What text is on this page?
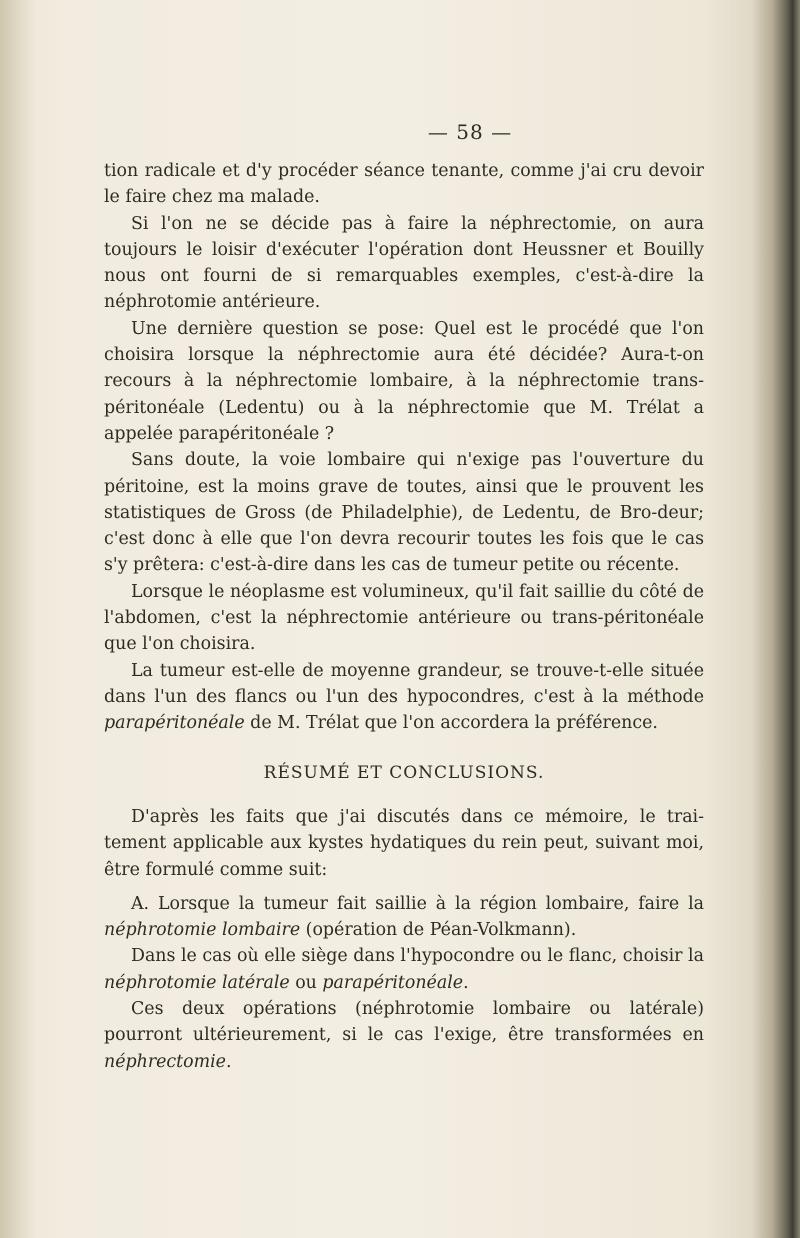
— 58 —

tion radicale et d'y procéder séance tenante, comme j'ai cru devoir le faire chez ma malade.

Si l'on ne se décide pas à faire la néphrectomie, on aura toujours le loisir d'exécuter l'opération dont Heussner et Bouilly nous ont fourni de si remarquables exemples, c'est-à-dire la néphrotomie antérieure.

Une dernière question se pose: Quel est le procédé que l'on choisira lorsque la néphrectomie aura été décidée? Aura-t-on recours à la néphrectomie lombaire, à la néphrectomie trans-péritonéale (Ledentu) ou à la néphrectomie que M. Trélat a appelée parapéritonéale ?

Sans doute, la voie lombaire qui n'exige pas l'ouverture du péritoine, est la moins grave de toutes, ainsi que le prouvent les statistiques de Gross (de Philadelphie), de Ledentu, de Bro-deur; c'est donc à elle que l'on devra recourir toutes les fois que le cas s'y prêtera: c'est-à-dire dans les cas de tumeur petite ou récente.

Lorsque le néoplasme est volumineux, qu'il fait saillie du côté de l'abdomen, c'est la néphrectomie antérieure ou trans-péritonéale que l'on choisira.

La tumeur est-elle de moyenne grandeur, se trouve-t-elle située dans l'un des flancs ou l'un des hypocondres, c'est à la méthode parapéritonéale de M. Trélat que l'on accordera la préférence.

RÉSUMÉ ET CONCLUSIONS.

D'après les faits que j'ai discutés dans ce mémoire, le trai-tement applicable aux kystes hydatiques du rein peut, suivant moi, être formulé comme suit:

A. Lorsque la tumeur fait saillie à la région lombaire, faire la néphrotomie lombaire (opération de Péan-Volkmann).

Dans le cas où elle siège dans l'hypocondre ou le flanc, choisir la néphrotomie latérale ou parapéritonéale.

Ces deux opérations (néphrotomie lombaire ou latérale) pourront ultérieurement, si le cas l'exige, être transformées en néphrectomie.
